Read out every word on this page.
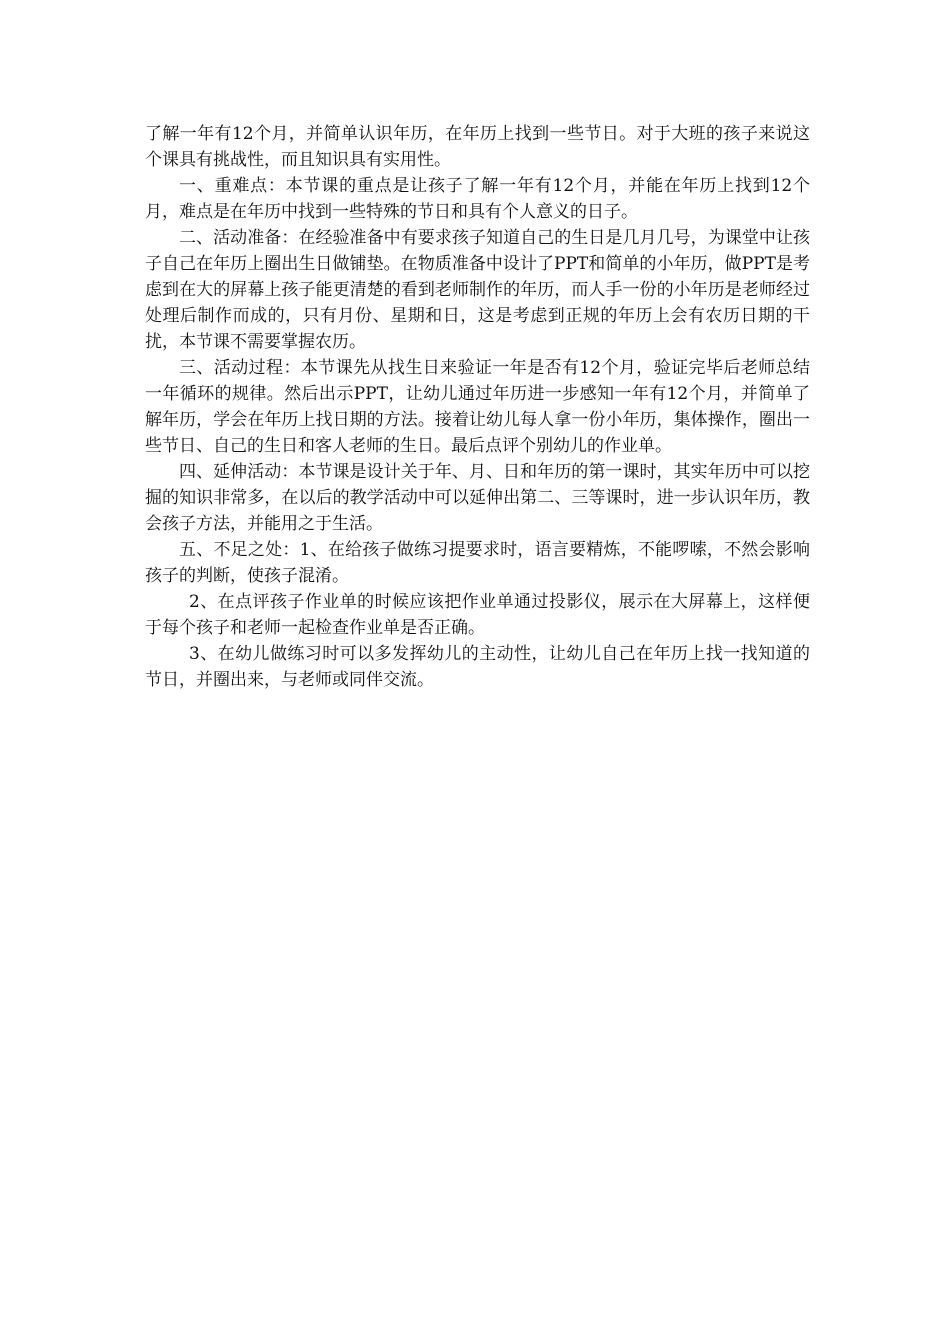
了解一年有12个月，并简单认识年历，在年历上找到一些节日。对于大班的孩子来说这个课具有挑战性，而且知识具有实用性。

一、重难点：本节课的重点是让孩子了解一年有12个月，并能在年历上找到12个月，难点是在年历中找到一些特殊的节日和具有个人意义的日子。

二、活动准备：在经验准备中有要求孩子知道自己的生日是几月几号，为课堂中让孩子自己在年历上圈出生日做铺垫。在物质准备中设计了PPT和简单的小年历，做PPT是考虑到在大的屏幕上孩子能更清楚的看到老师制作的年历，而人手一份的小年历是老师经过处理后制作而成的，只有月份、星期和日，这是考虑到正规的年历上会有农历日期的干扰，本节课不需要掌握农历。

三、活动过程：本节课先从找生日来验证一年是否有12个月，验证完毕后老师总结一年循环的规律。然后出示PPT，让幼儿通过年历进一步感知一年有12个月，并简单了解年历，学会在年历上找日期的方法。接着让幼儿每人拿一份小年历，集体操作，圈出一些节日、自己的生日和客人老师的生日。最后点评个别幼儿的作业单。

四、延伸活动：本节课是设计关于年、月、日和年历的第一课时，其实年历中可以挖掘的知识非常多，在以后的教学活动中可以延伸出第二、三等课时，进一步认识年历，教会孩子方法，并能用之于生活。

五、不足之处：1、在给孩子做练习提要求时，语言要精炼，不能啰嗦，不然会影响孩子的判断，使孩子混淆。

2、在点评孩子作业单的时候应该把作业单通过投影仪，展示在大屏幕上，这样便于每个孩子和老师一起检查作业单是否正确。

3、在幼儿做练习时可以多发挥幼儿的主动性，让幼儿自己在年历上找一找知道的节日，并圈出来，与老师或同伴交流。
